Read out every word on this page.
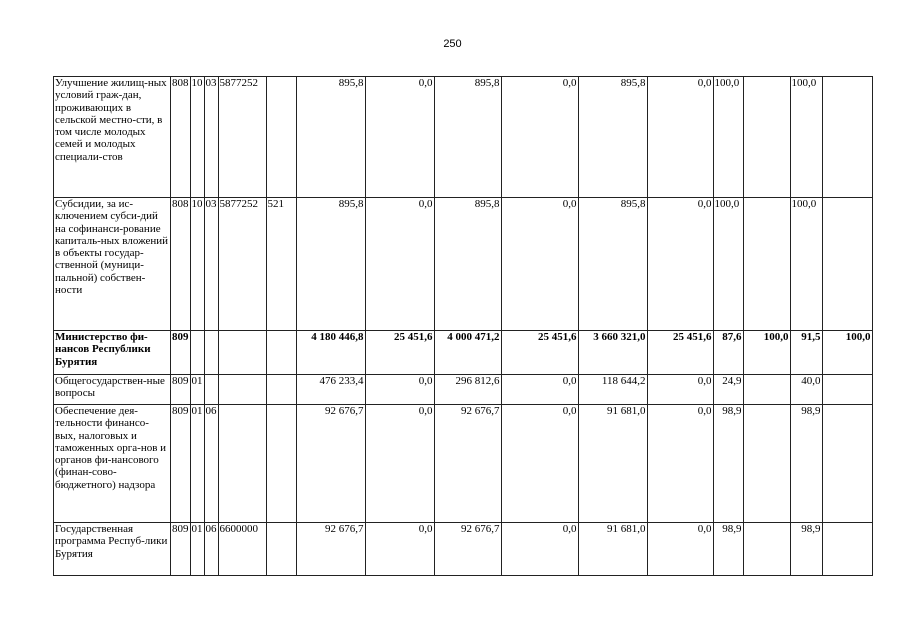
250
Улучшение жилищ-ных условий граж-дан, проживающих в сельской местно-сти, в том числе молодых семей и молодых специали-стов	808	10	03	5877252		895,8	0,0	895,8	0,0	895,8	0,0	100,0		100,0	
Субсидии, за ис-ключением субси-дий на софинанси-рование капиталь-ных вложений в объекты государ-ственной (муници-пальной) собствен-ности	808	10	03	5877252	521	895,8	0,0	895,8	0,0	895,8	0,0	100,0		100,0	
Министерство фи-нансов Республики Бурятия	809					4 180 446,8	25 451,6	4 000 471,2	25 451,6	3 660 321,0	25 451,6	87,6	100,0	91,5	100,0
Общегосударствен-ные вопросы	809	01				476 233,4	0,0	296 812,6	0,0	118 644,2	0,0	24,9		40,0	
Обеспечение дея-тельности финансо-вых, налоговых и таможенных орга-нов и органов фи-нансового (финан-сово-бюджетного) надзора	809	01	06			92 676,7	0,0	92 676,7	0,0	91 681,0	0,0	98,9		98,9	
Государственная программа Респуб-лики Бурятия	809	01	06	6600000		92 676,7	0,0	92 676,7	0,0	91 681,0	0,0	98,9		98,9	
